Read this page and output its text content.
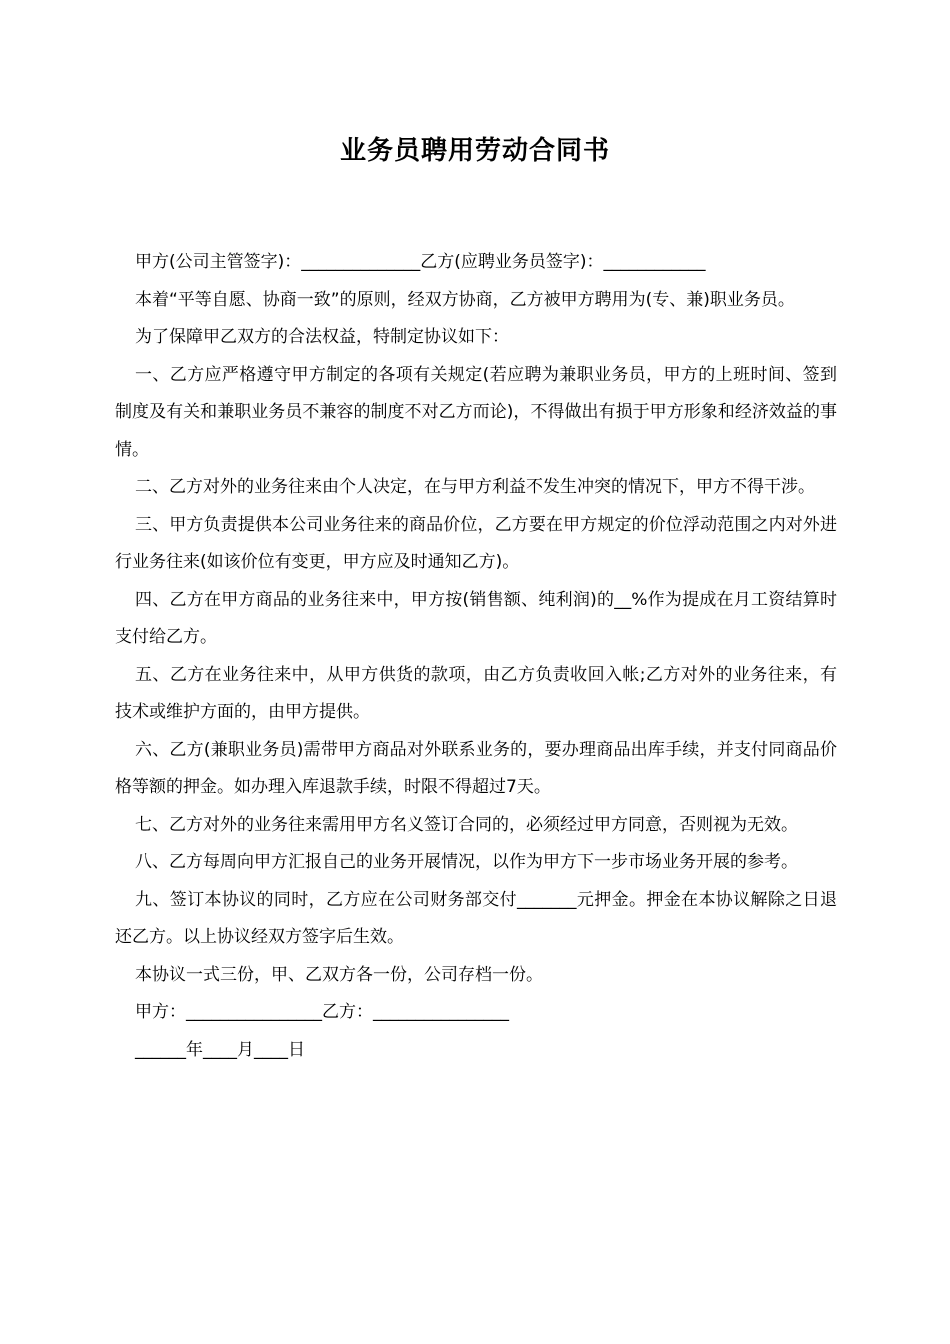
业务员聘用劳动合同书

甲方(公司主管签字)：______________乙方(应聘业务员签字)：____________

本着“平等自愿、协商一致”的原则，经双方协商，乙方被甲方聘用为(专、兼)职业务员。

为了保障甲乙双方的合法权益，特制定协议如下：

一、乙方应严格遵守甲方制定的各项有关规定(若应聘为兼职业务员，甲方的上班时间、签到制度及有关和兼职业务员不兼容的制度不对乙方而论)，不得做出有损于甲方形象和经济效益的事情。

二、乙方对外的业务往来由个人决定，在与甲方利益不发生冲突的情况下，甲方不得干涉。

三、甲方负责提供本公司业务往来的商品价位，乙方要在甲方规定的价位浮动范围之内对外进行业务往来(如该价位有变更，甲方应及时通知乙方)。

四、乙方在甲方商品的业务往来中，甲方按(销售额、纯利润)的__%作为提成在月工资结算时支付给乙方。

五、乙方在业务往来中，从甲方供货的款项，由乙方负责收回入帐;乙方对外的业务往来，有技术或维护方面的，由甲方提供。

六、乙方(兼职业务员)需带甲方商品对外联系业务的，要办理商品出库手续，并支付同商品价格等额的押金。如办理入库退款手续，时限不得超过7天。

七、乙方对外的业务往来需用甲方名义签订合同的，必须经过甲方同意，否则视为无效。

八、乙方每周向甲方汇报自己的业务开展情况，以作为甲方下一步市场业务开展的参考。

九、签订本协议的同时，乙方应在公司财务部交付_______元押金。押金在本协议解除之日退还乙方。以上协议经双方签字后生效。

本协议一式三份，甲、乙双方各一份，公司存档一份。

甲方：________________乙方：________________

______年____月____日
